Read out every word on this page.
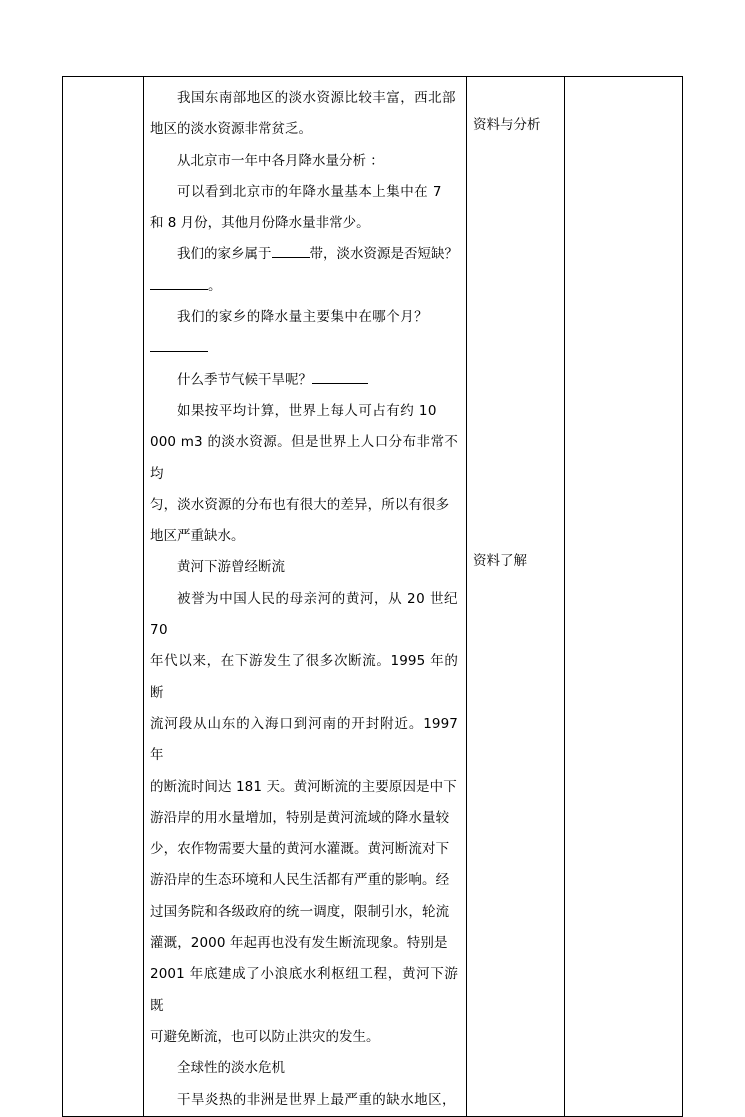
我国东南部地区的淡水资源比较丰富，西北部

地区的淡水资源非常贫乏。

从北京市一年中各月降水量分析 ：

可以看到北京市的年降水量基本上集中在 7

和 8 月份，其他月份降水量非常少。

我们的家乡属于	带，淡水资源是否短缺？

。

我们的家乡的降水量主要集中在哪个月？

什么季节气候干旱呢？

如果按平均计算，世界上每人可占有约 10

000 m3 的淡水资源。但是世界上人口分布非常不均

匀，淡水资源的分布也有很大的差异，所以有很多

地区严重缺水。

黄河下游曾经断流

被誉为中国人民的母亲河的黄河，从 20 世纪 70

年代以来，在下游发生了很多次断流。1995 年的断

流河段从山东的入海口到河南的开封附近。1997 年

的断流时间达 181 天。黄河断流的主要原因是中下

游沿岸的用水量增加，特别是黄河流域的降水量较

少，农作物需要大量的黄河水灌溉。黄河断流对下

游沿岸的生态环境和人民生活都有严重的影响。经

过国务院和各级政府的统一调度，限制引水，轮流

灌溉，2000 年起再也没有发生断流现象。特别是

2001 年底建成了小浪底水利枢纽工程，黄河下游既

可避免断流，也可以防止洪灾的发生。

全球性的淡水危机

干旱炎热的非洲是世界上最严重的缺水地区，

资料与分析
资料了解
